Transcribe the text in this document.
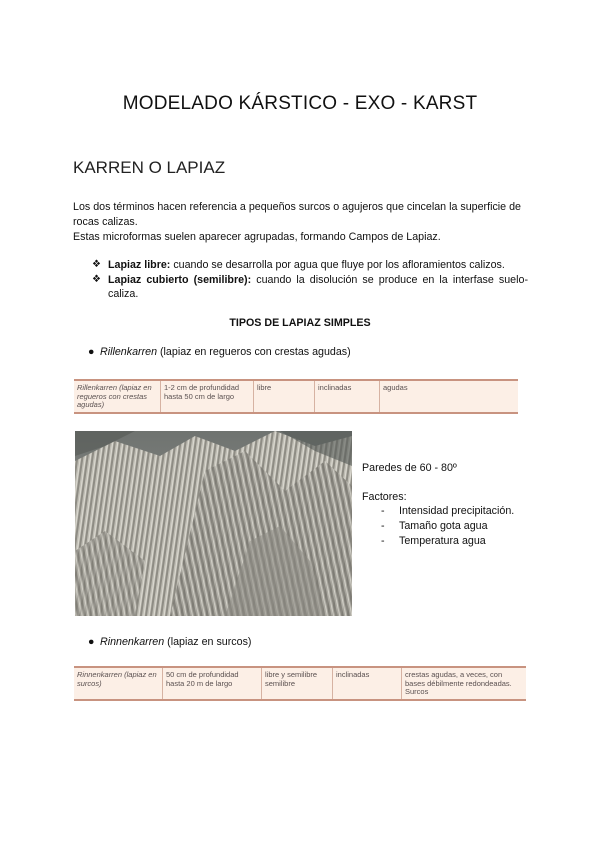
MODELADO KÁRSTICO - EXO - KARST
KARREN O LAPIAZ

Los dos términos hacen referencia a pequeños surcos o agujeros que cincelan la superficie de rocas calizas.

Estas microformas suelen aparecer agrupadas, formando Campos de Lapiaz.

❖ Lapiaz libre: cuando se desarrolla por agua que fluye por los afloramientos calizos.
❖ Lapiaz cubierto (semilibre): cuando la disolución se produce en la interfase suelo-caliza.
TIPOS DE LAPIAZ SIMPLES
● Rillenkarren (lapiaz en regueros con crestas agudas)
Rillenkarren (lapiaz en regueros con crestas agudas)	1-2 cm de profundidad hasta 50 cm de largo	libre	inclinadas	agudas
Paredes de 60 - 80º
Factores:
- Intensidad precipitación.
- Tamaño gota agua
- Temperatura agua
● Rinnenkarren (lapiaz en surcos)
Rinnenkarren (lapiaz en surcos)	50 cm de profundidad hasta 20 m de largo	libre y semilibre semilibre	inclinadas	crestas agudas, a veces, con bases débilmente redondeadas. Surcos
